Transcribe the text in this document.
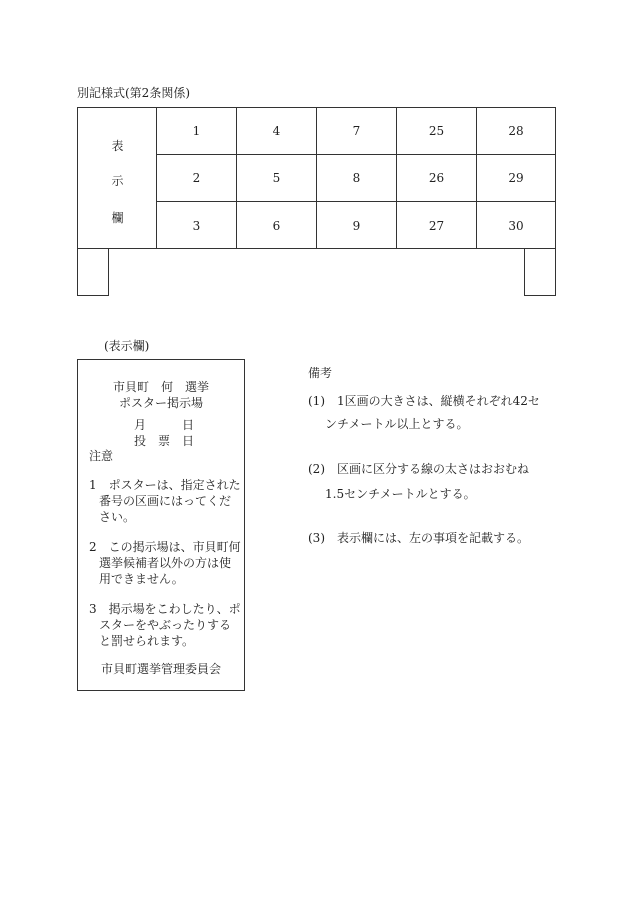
別記様式(第2条関係)
表
示
欄
1	4	7	25	28
2	5	8	26	29
3	6	9	27	30
(表示欄)
市貝町　何　選挙
ポスター掲示場
月　　　日
投　票　日
注意
1　ポスターは、指定された
番号の区画にはってくだ
さい。
2　この掲示場は、市貝町何
選挙候補者以外の方は使
用できません。
3　掲示場をこわしたり、ポ
スターをやぶったりする
と罰せられます。
市貝町選挙管理委員会
備考
(1)　1区画の大きさは、縦横それぞれ42セ
ンチメートル以上とする。
(2)　区画に区分する線の太さはおおむね
1.5センチメートルとする。
(3)　表示欄には、左の事項を記載する。
